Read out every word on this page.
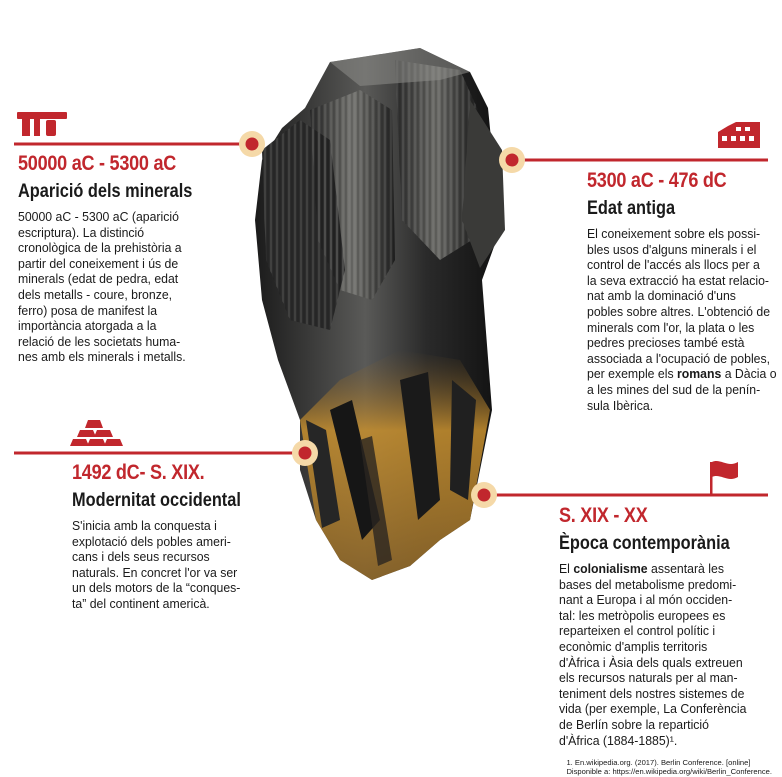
50000 aC - 5300 aC
Aparició dels minerals
50000 aC - 5300 aC (aparició
escriptura). La distinció
cronològica de la prehistòria a
partir del coneixement i ús de
minerals (edat de pedra, edat
dels metalls - coure, bronze,
ferro) posa de manifest la
importància atorgada a la
relació de les societats huma-
nes amb els minerals i metalls.
5300 aC - 476 dC
Edat antiga
El coneixement sobre els possi-
bles usos d'alguns minerals i el
control de l'accés als llocs per a
la seva extracció ha estat relacio-
nat amb la dominació d'uns
pobles sobre altres. L'obtenció de
minerals com l'or, la plata o les
pedres precioses també està
associada a l'ocupació de pobles,
per exemple els romans a Dàcia o
a les mines del sud de la penín-
sula Ibèrica.
1492 dC- S. XIX.
Modernitat occidental
S'inicia amb la conquesta i
explotació dels pobles ameri-
cans i dels seus recursos
naturals. En concret l'or va ser
un dels motors de la “conques-
ta” del continent americà.
S. XIX - XX
Època contemporània
El colonialisme assentarà les
bases del metabolisme predomi-
nant a Europa i al món occiden-
tal: les metròpolis europees es
reparteixen el control polític i
econòmic d'amplis territoris
d'Àfrica i Àsia dels quals extreuen
els recursos naturals per al man-
teniment dels nostres sistemes de
vida (per exemple, La Conferència
de Berlín sobre la repartició
d'Àfrica (1884-1885)¹.
1. En.wikipedia.org. (2017). Berlin Conference. [online]
Disponible a: https://en.wikipedia.org/wiki/Berlin_Conference.
